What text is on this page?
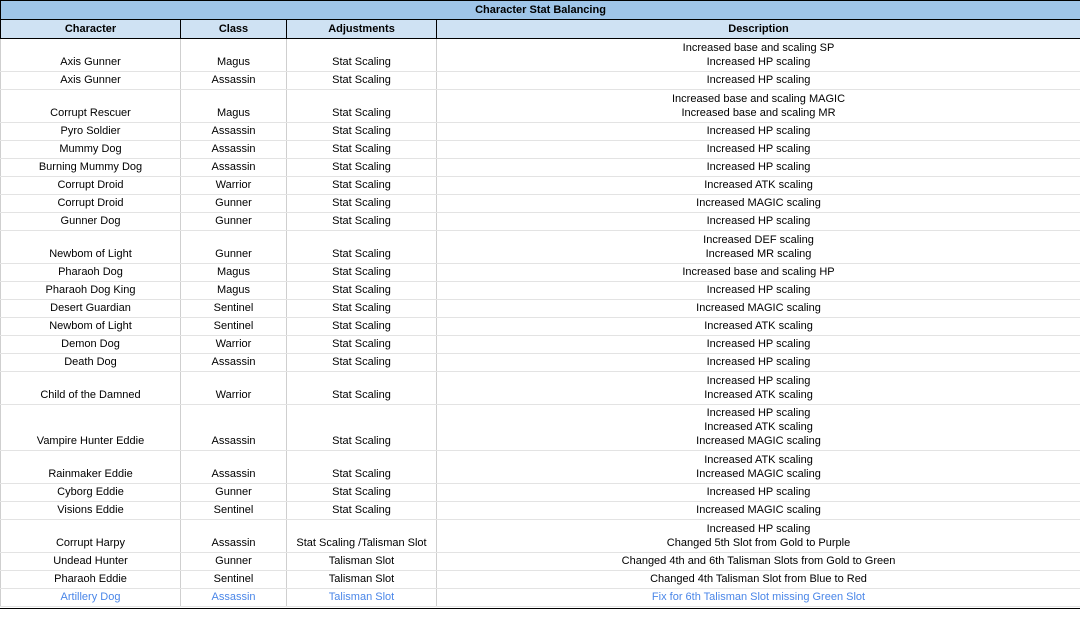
Character Stat Balancing			
Character	Class	Adjustments	Description
Axis Gunner	Magus	Stat Scaling	Increased base and scaling SP
Increased HP scaling

Axis Gunner	Assassin	Stat Scaling	Increased HP scaling

Corrupt Rescuer	Magus	Stat Scaling	Increased base and scaling MAGIC
Increased base and scaling MR

Pyro Soldier	Assassin	Stat Scaling	Increased HP scaling

Mummy Dog	Assassin	Stat Scaling	Increased HP scaling

Burning Mummy Dog	Assassin	Stat Scaling	Increased HP scaling

Corrupt Droid	Warrior	Stat Scaling	Increased ATK scaling

Corrupt Droid	Gunner	Stat Scaling	Increased MAGIC scaling

Gunner Dog	Gunner	Stat Scaling	Increased HP scaling

Newbom of Light	Gunner	Stat Scaling	Increased DEF scaling
Increased MR scaling

Pharaoh Dog	Magus	Stat Scaling	Increased base and scaling HP

Pharaoh Dog King	Magus	Stat Scaling	Increased HP scaling

Desert Guardian	Sentinel	Stat Scaling	Increased MAGIC scaling

Newbom of Light	Sentinel	Stat Scaling	Increased ATK scaling

Demon Dog	Warrior	Stat Scaling	Increased HP scaling

Death Dog	Assassin	Stat Scaling	Increased HP scaling

Child of the Damned	Warrior	Stat Scaling	Increased HP scaling
Increased ATK scaling

Vampire Hunter Eddie	Assassin	Stat Scaling	Increased HP scaling
Increased ATK scaling
Increased MAGIC scaling

Rainmaker Eddie	Assassin	Stat Scaling	Increased ATK scaling
Increased MAGIC scaling

Cyborg Eddie	Gunner	Stat Scaling	Increased HP scaling

Visions Eddie	Sentinel	Stat Scaling	Increased MAGIC scaling

Corrupt Harpy	Assassin	Stat Scaling /Talisman Slot	Increased HP scaling
Changed 5th Slot from Gold to Purple

Undead Hunter	Gunner	Talisman Slot	Changed 4th and 6th Talisman Slots from Gold to Green

Pharaoh Eddie	Sentinel	Talisman Slot	Changed 4th Talisman Slot from Blue to Red

Artillery Dog	Assassin	Talisman Slot	Fix for 6th Talisman Slot missing Green Slot
